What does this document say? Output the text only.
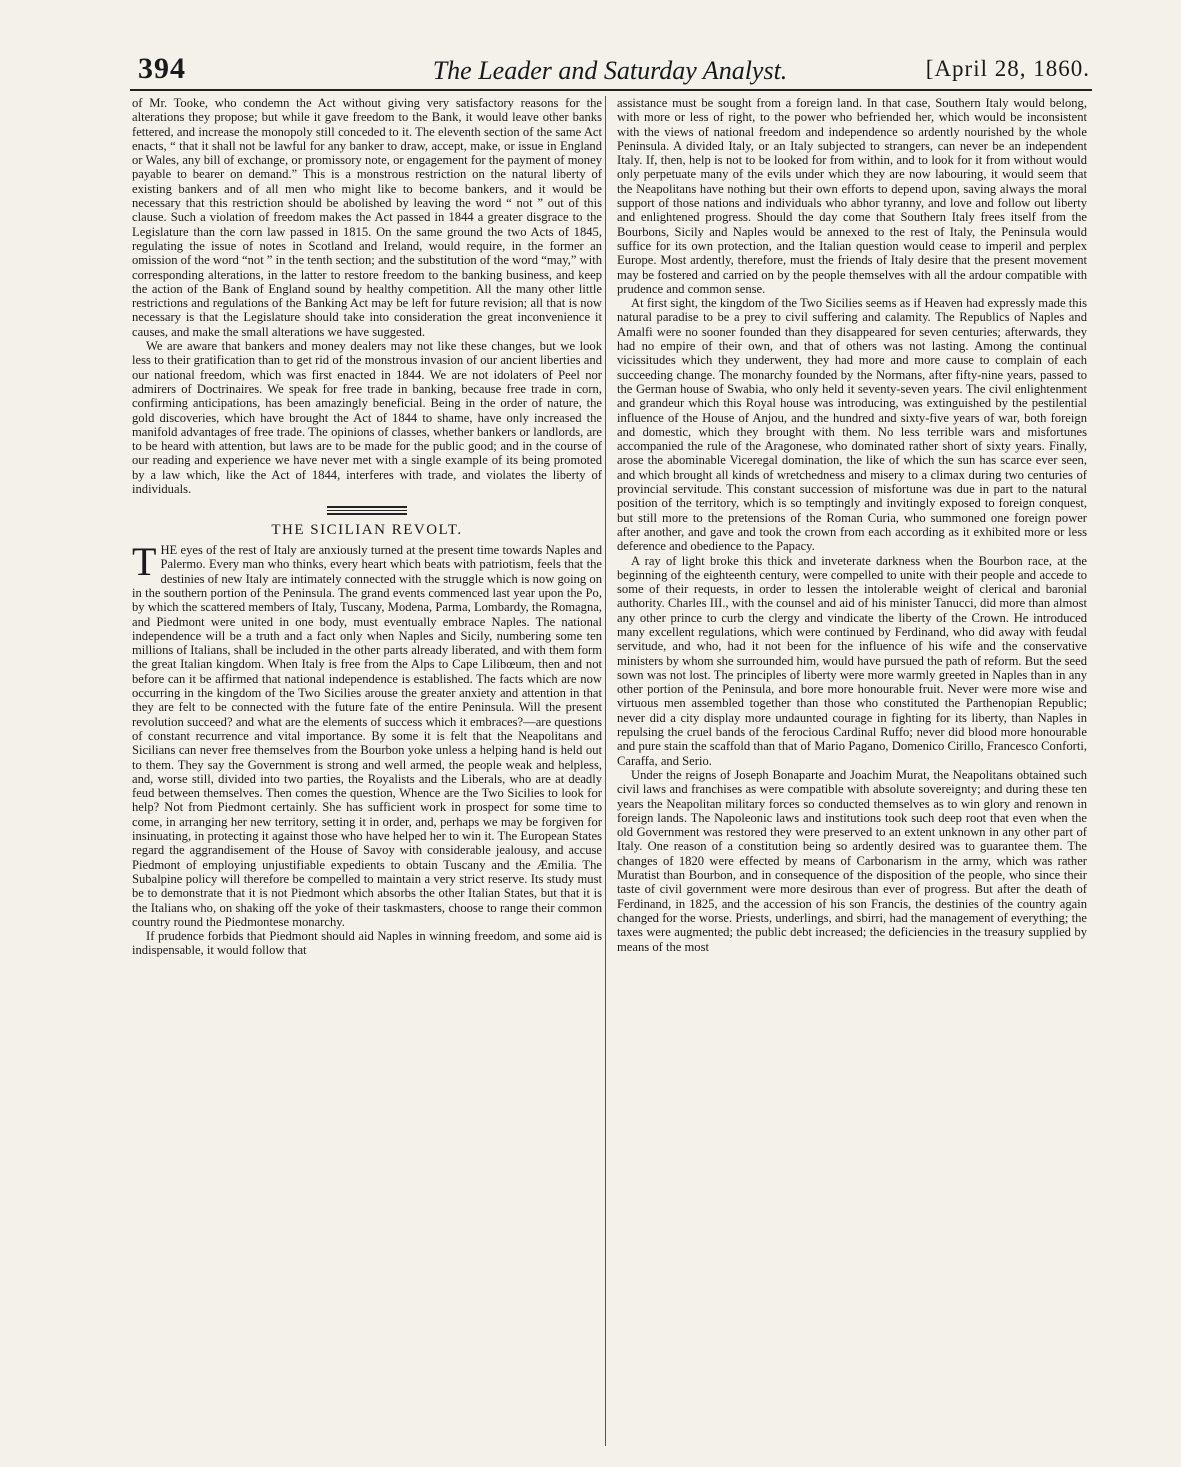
394	The Leader and Saturday Analyst.	[April 28, 1860.

of Mr. Tooke, who condemn the Act without giving very satisfactory reasons for the alterations they propose; but while it gave freedom to the Bank, it would leave other banks fettered, and increase the monopoly still conceded to it. The eleventh section of the same Act enacts, “ that it shall not be lawful for any banker to draw, accept, make, or issue in England or Wales, any bill of exchange, or promissory note, or engagement for the payment of money payable to bearer on demand.” This is a monstrous restriction on the natural liberty of existing bankers and of all men who might like to become bankers, and it would be necessary that this restriction should be abolished by leaving the word “ not ” out of this clause. Such a violation of freedom makes the Act passed in 1844 a greater disgrace to the Legislature than the corn law passed in 1815. On the same ground the two Acts of 1845, regulating the issue of notes in Scotland and Ireland, would require, in the former an omission of the word “not ” in the tenth section; and the substitution of the word “may,” with corresponding alterations, in the latter to restore freedom to the banking business, and keep the action of the Bank of England sound by healthy competition. All the many other little restrictions and regulations of the Banking Act may be left for future revision; all that is now necessary is that the Legislature should take into consideration the great inconvenience it causes, and make the small alterations we have suggested.

We are aware that bankers and money dealers may not like these changes, but we look less to their gratification than to get rid of the monstrous invasion of our ancient liberties and our national freedom, which was first enacted in 1844. We are not idolaters of Peel nor admirers of Doctrinaires. We speak for free trade in banking, because free trade in corn, confirming anticipations, has been amazingly beneficial. Being in the order of nature, the gold discoveries, which have brought the Act of 1844 to shame, have only increased the manifold advantages of free trade. The opinions of classes, whether bankers or landlords, are to be heard with attention, but laws are to be made for the public good; and in the course of our reading and experience we have never met with a single example of its being promoted by a law which, like the Act of 1844, interferes with trade, and violates the liberty of individuals.

THE SICILIAN REVOLT.

THE eyes of the rest of Italy are anxiously turned at the present time towards Naples and Palermo. Every man who thinks, every heart which beats with patriotism, feels that the destinies of new Italy are intimately connected with the struggle which is now going on in the southern portion of the Peninsula. The grand events commenced last year upon the Po, by which the scattered members of Italy, Tuscany, Modena, Parma, Lombardy, the Romagna, and Piedmont were united in one body, must eventually embrace Naples. The national independence will be a truth and a fact only when Naples and Sicily, numbering some ten millions of Italians, shall be included in the other parts already liberated, and with them form the great Italian kingdom. When Italy is free from the Alps to Cape Lilibœum, then and not before can it be affirmed that national independence is established. The facts which are now occurring in the kingdom of the Two Sicilies arouse the greater anxiety and attention in that they are felt to be connected with the future fate of the entire Peninsula. Will the present revolution succeed? and what are the elements of success which it embraces?—are questions of constant recurrence and vital importance. By some it is felt that the Neapolitans and Sicilians can never free themselves from the Bourbon yoke unless a helping hand is held out to them. They say the Government is strong and well armed, the people weak and helpless, and, worse still, divided into two parties, the Royalists and the Liberals, who are at deadly feud between themselves. Then comes the question, Whence are the Two Sicilies to look for help? Not from Piedmont certainly. She has sufficient work in prospect for some time to come, in arranging her new territory, setting it in order, and, perhaps we may be forgiven for insinuating, in protecting it against those who have helped her to win it. The European States regard the aggrandisement of the House of Savoy with considerable jealousy, and accuse Piedmont of employing unjustifiable expedients to obtain Tuscany and the Æmilia. The Subalpine policy will therefore be compelled to maintain a very strict reserve. Its study must be to demonstrate that it is not Piedmont which absorbs the other Italian States, but that it is the Italians who, on shaking off the yoke of their taskmasters, choose to range their common country round the Piedmontese monarchy.

If prudence forbids that Piedmont should aid Naples in winning freedom, and some aid is indispensable, it would follow that

assistance must be sought from a foreign land. In that case, Southern Italy would belong, with more or less of right, to the power who befriended her, which would be inconsistent with the views of national freedom and independence so ardently nourished by the whole Peninsula. A divided Italy, or an Italy subjected to strangers, can never be an independent Italy. If, then, help is not to be looked for from within, and to look for it from without would only perpetuate many of the evils under which they are now labouring, it would seem that the Neapolitans have nothing but their own efforts to depend upon, saving always the moral support of those nations and individuals who abhor tyranny, and love and follow out liberty and enlightened progress. Should the day come that Southern Italy frees itself from the Bourbons, Sicily and Naples would be annexed to the rest of Italy, the Peninsula would suffice for its own protection, and the Italian question would cease to imperil and perplex Europe. Most ardently, therefore, must the friends of Italy desire that the present movement may be fostered and carried on by the people themselves with all the ardour compatible with prudence and common sense.

At first sight, the kingdom of the Two Sicilies seems as if Heaven had expressly made this natural paradise to be a prey to civil suffering and calamity. The Republics of Naples and Amalfi were no sooner founded than they disappeared for seven centuries; afterwards, they had no empire of their own, and that of others was not lasting. Among the continual vicissitudes which they underwent, they had more and more cause to complain of each succeeding change. The monarchy founded by the Normans, after fifty-nine years, passed to the German house of Swabia, who only held it seventy-seven years. The civil enlightenment and grandeur which this Royal house was introducing, was extinguished by the pestilential influence of the House of Anjou, and the hundred and sixty-five years of war, both foreign and domestic, which they brought with them. No less terrible wars and misfortunes accompanied the rule of the Aragonese, who dominated rather short of sixty years. Finally, arose the abominable Viceregal domination, the like of which the sun has scarce ever seen, and which brought all kinds of wretchedness and misery to a climax during two centuries of provincial servitude. This constant succession of misfortune was due in part to the natural position of the territory, which is so temptingly and invitingly exposed to foreign conquest, but still more to the pretensions of the Roman Curia, who summoned one foreign power after another, and gave and took the crown from each according as it exhibited more or less deference and obedience to the Papacy.

A ray of light broke this thick and inveterate darkness when the Bourbon race, at the beginning of the eighteenth century, were compelled to unite with their people and accede to some of their requests, in order to lessen the intolerable weight of clerical and baronial authority. Charles III., with the counsel and aid of his minister Tanucci, did more than almost any other prince to curb the clergy and vindicate the liberty of the Crown. He introduced many excellent regulations, which were continued by Ferdinand, who did away with feudal servitude, and who, had it not been for the influence of his wife and the conservative ministers by whom she surrounded him, would have pursued the path of reform. But the seed sown was not lost. The principles of liberty were more warmly greeted in Naples than in any other portion of the Peninsula, and bore more honourable fruit. Never were more wise and virtuous men assembled together than those who constituted the Parthenopian Republic; never did a city display more undaunted courage in fighting for its liberty, than Naples in repulsing the cruel bands of the ferocious Cardinal Ruffo; never did blood more honourable and pure stain the scaffold than that of Mario Pagano, Domenico Cirillo, Francesco Conforti, Caraffa, and Serio.

Under the reigns of Joseph Bonaparte and Joachim Murat, the Neapolitans obtained such civil laws and franchises as were compatible with absolute sovereignty; and during these ten years the Neapolitan military forces so conducted themselves as to win glory and renown in foreign lands. The Napoleonic laws and institutions took such deep root that even when the old Government was restored they were preserved to an extent unknown in any other part of Italy. One reason of a constitution being so ardently desired was to guarantee them. The changes of 1820 were effected by means of Carbonarism in the army, which was rather Muratist than Bourbon, and in consequence of the disposition of the people, who since their taste of civil government were more desirous than ever of progress. But after the death of Ferdinand, in 1825, and the accession of his son Francis, the destinies of the country again changed for the worse. Priests, underlings, and sbirri, had the management of everything; the taxes were augmented; the public debt increased; the deficiencies in the treasury supplied by means of the most
